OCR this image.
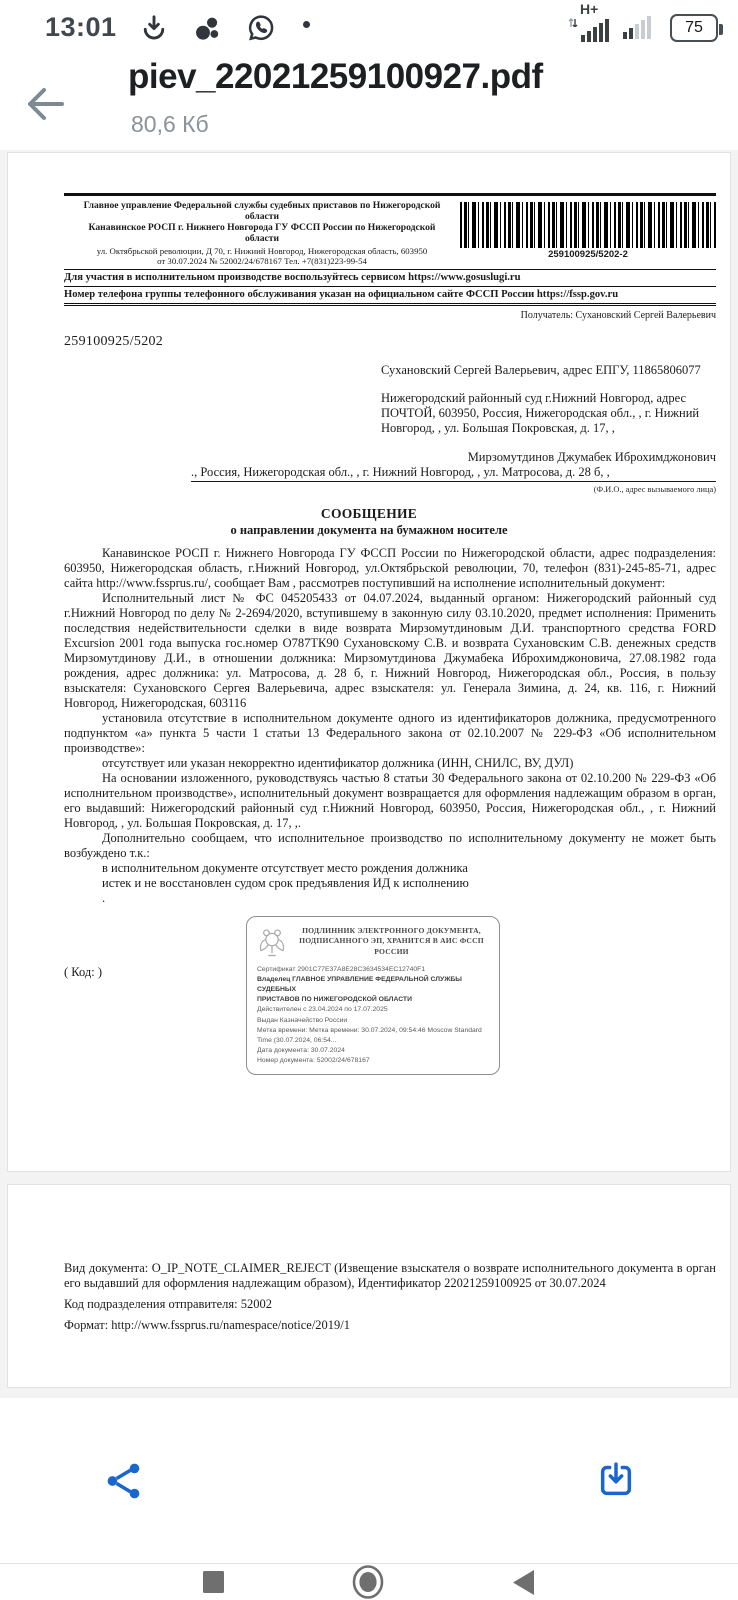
13:01
H+
75
piev_22021259100927.pdf
80,6 Кб
Главное управление Федеральной службы судебных приставов по Нижегородской области
Канавинское РОСП г. Нижнего Новгорода ГУ ФССП России по Нижегородской области
ул. Октябрьской революции, Д 70, г. Нижний Новгород, Нижегородская область, 603950
от 30.07.2024 № 52002/24/678167 Тел. +7(831)223-99-54
259100925/5202-2
Для участия в исполнительном производстве воспользуйтесь сервисом https://www.gosuslugi.ru
Номер телефона группы телефонного обслуживания указан на официальном сайте ФССП России https://fssp.gov.ru
Получатель: Сухановский Сергей Валерьевич
259100925/5202
Сухановский Сергей Валерьевич, адрес ЕПГУ, 11865806077
Нижегородский районный суд г.Нижний Новгород, адрес ПОЧТОЙ, 603950, Россия, Нижегородская обл., , г. Нижний Новгород, , ул. Большая Покровская, д. 17, ,
Мирзомутдинов Джумабек Иброхимджонович
., Россия, Нижегородская обл., , г. Нижний Новгород, , ул. Матросова, д. 28 б, ,
(Ф.И.О., адрес вызываемого лица)
СООБЩЕНИЕ
о направлении документа на бумажном носителе

Канавинское РОСП г. Нижнего Новгорода ГУ ФССП России по Нижегородской области, адрес подразделения: 603950, Нижегородская область, г.Нижний Новгород, ул.Октябрьской революции, 70, телефон (831)-245-85-71, адрес сайта http://www.fssprus.ru/, сообщает Вам , рассмотрев поступивший на исполнение исполнительный документ:

Исполнительный лист № ФС 045205433 от 04.07.2024, выданный органом: Нижегородский районный суд г.Нижний Новгород по делу № 2-2694/2020, вступившему в законную силу 03.10.2020, предмет исполнения: Применить последствия недействительности сделки в виде возврата Мирзомутдиновым Д.И. транспортного средства FORD Excursion 2001 года выпуска гос.номер О787ТК90 Сухановскому С.В. и возврата Сухановским С.В. денежных средств Мирзомутдинову Д.И., в отношении должника: Мирзомутдинова Джумабека Иброхимджоновича, 27.08.1982 года рождения, адрес должника: ул. Матросова, д. 28 б, г. Нижний Новгород, Нижегородская обл., Россия, в пользу взыскателя: Сухановского Сергея Валерьевича, адрес взыскателя: ул. Генерала Зимина, д. 24, кв. 116, г. Нижний Новгород, Нижегородская, 603116

установила отсутствие в исполнительном документе одного из идентификаторов должника, предусмотренного подпунктом «а» пункта 5 части 1 статьи 13 Федерального закона от 02.10.2007 № 229-ФЗ «Об исполнительном производстве»:

отсутствует или указан некорректно идентификатор должника (ИНН, СНИЛС, ВУ, ДУЛ)

На основании изложенного, руководствуясь частью 8 статьи 30 Федерального закона от 02.10.200 № 229-ФЗ «Об исполнительном производстве», исполнительный документ возвращается для оформления надлежащим образом в орган, его выдавший: Нижегородский районный суд г.Нижний Новгород, 603950, Россия, Нижегородская обл., , г. Нижний Новгород, , ул. Большая Покровская, д. 17, ,.

Дополнительно сообщаем, что исполнительное производство по исполнительному документу не может быть возбуждено т.к.:

в исполнительном документе отсутствует место рождения должника

истек и не восстановлен судом срок предъявления ИД к исполнению

.

( Код: )
ПОДЛИННИК ЭЛЕКТРОННОГО ДОКУМЕНТА, ПОДПИСАННОГО ЭП, ХРАНИТСЯ В АИС ФССП РОССИИ
Сертификат 2901C77E37A8E28C3634534EC12740F1
Владелец ГЛАВНОЕ УПРАВЛЕНИЕ ФЕДЕРАЛЬНОЙ СЛУЖБЫ СУДЕБНЫХ
ПРИСТАВОВ ПО НИЖЕГОРОДСКОЙ ОБЛАСТИ
Действителен с 23.04.2024 по 17.07.2025
Выдан Казначейство России
Метка времени: Метка времени: 30.07.2024, 09:54:46 Moscow Standard Time (30.07.2024, 06:54...
Дата документа: 30.07.2024
Номер документа: 52002/24/678167

Вид документа: O_IP_NOTE_CLAIMER_REJECT (Извещение взыскателя о возврате исполнительного документа в орган его выдавший для оформления надлежащим образом), Идентификатор 22021259100925 от 30.07.2024

Код подразделения отправителя: 52002

Формат: http://www.fssprus.ru/namespace/notice/2019/1
